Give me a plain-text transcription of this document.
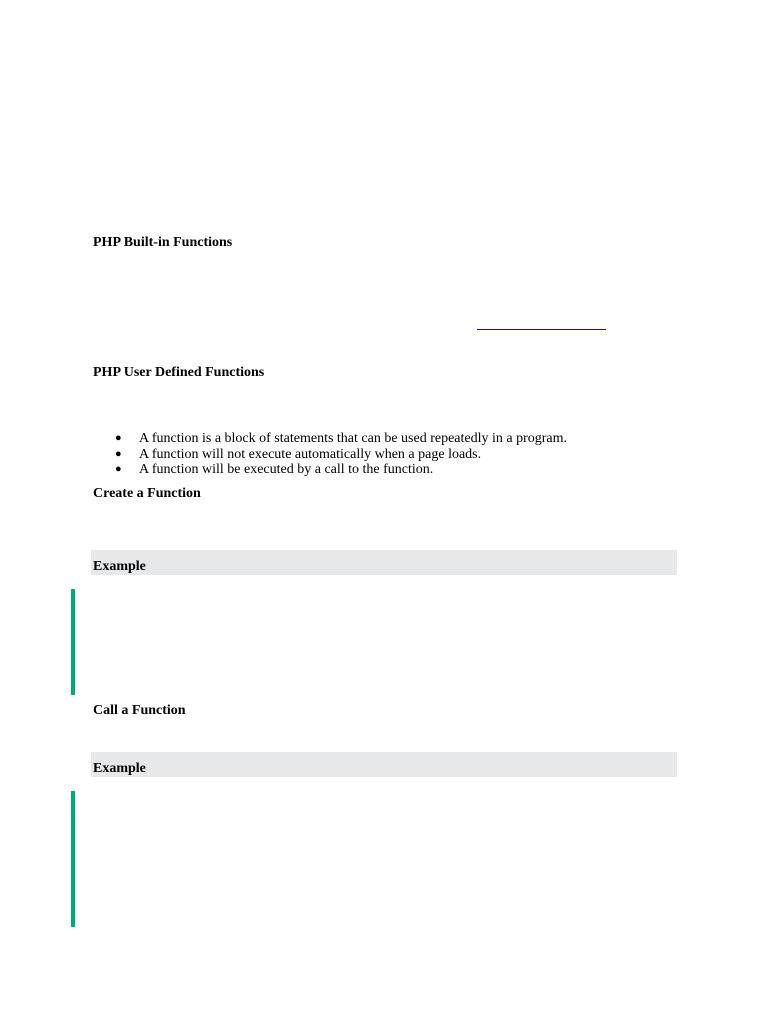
PHP Built-in Functions
PHP User Defined Functions
● A function is a block of statements that can be used repeatedly in a program.
● A function will not execute automatically when a page loads.
● A function will be executed by a call to the function.
Create a Function
Example
Call a Function
Example
